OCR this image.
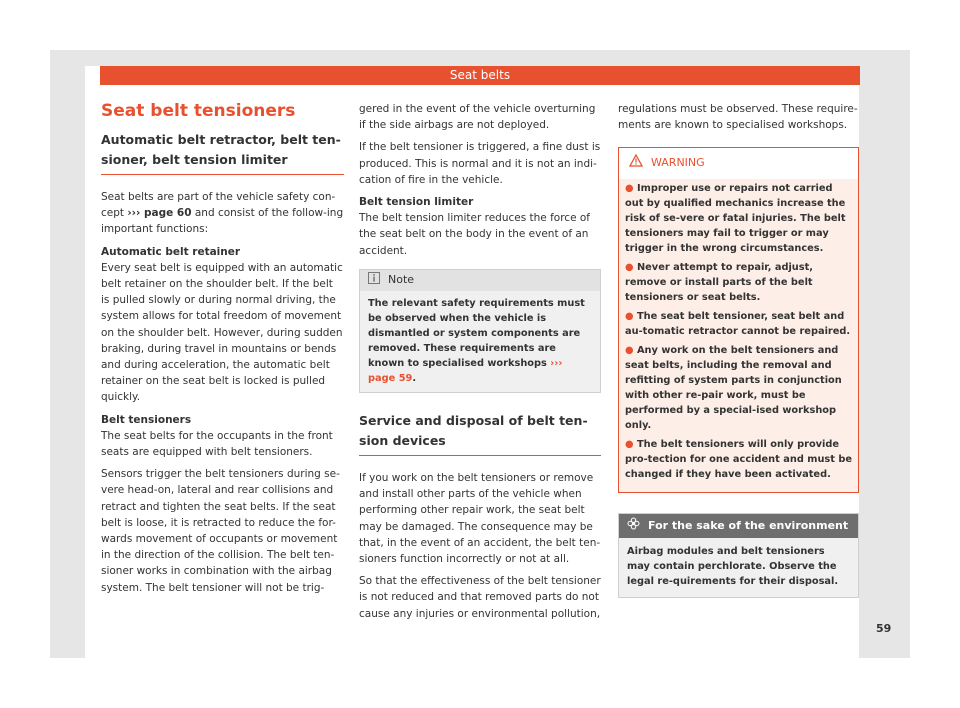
Seat belts
Seat belt tensioners
Automatic belt retractor, belt ten-sioner, belt tension limiter

Seat belts are part of the vehicle safety con-cept ››› page 60 and consist of the follow-ing important functions:

Automatic belt retainer

Every seat belt is equipped with an automatic belt retainer on the shoulder belt. If the belt is pulled slowly or during normal driving, the system allows for total freedom of movement on the shoulder belt. However, during sudden braking, during travel in mountains or bends and during acceleration, the automatic belt retainer on the seat belt is locked is pulled quickly.

Belt tensioners

The seat belts for the occupants in the front seats are equipped with belt tensioners.

Sensors trigger the belt tensioners during se-vere head-on, lateral and rear collisions and retract and tighten the seat belts. If the seat belt is loose, it is retracted to reduce the for-wards movement of occupants or movement in the direction of the collision. The belt ten-sioner works in combination with the airbag system. The belt tensioner will not be trig-

gered in the event of the vehicle overturning if the side airbags are not deployed.

If the belt tensioner is triggered, a fine dust is produced. This is normal and it is not an indi-cation of fire in the vehicle.

Belt tension limiter

The belt tension limiter reduces the force of the seat belt on the body in the event of an accident.

Note
The relevant safety requirements must be observed when the vehicle is dismantled or system components are removed. These requirements are known to specialised workshops ››› page 59.
Service and disposal of belt ten-sion devices

If you work on the belt tensioners or remove and install other parts of the vehicle when performing other repair work, the seat belt may be damaged. The consequence may be that, in the event of an accident, the belt ten-sioners function incorrectly or not at all.

So that the effectiveness of the belt tensioner is not reduced and that removed parts do not cause any injuries or environmental pollution,

regulations must be observed. These require-ments are known to specialised workshops.

WARNING
● Improper use or repairs not carried out by qualified mechanics increase the risk of se-vere or fatal injuries. The belt tensioners may fail to trigger or may trigger in the wrong circumstances.
● Never attempt to repair, adjust, remove or install parts of the belt tensioners or seat belts.
● The seat belt tensioner, seat belt and au-tomatic retractor cannot be repaired.
● Any work on the belt tensioners and seat belts, including the removal and refitting of system parts in conjunction with other re-pair work, must be performed by a special-ised workshop only.
● The belt tensioners will only provide pro-tection for one accident and must be changed if they have been activated.
For the sake of the environment
Airbag modules and belt tensioners may contain perchlorate. Observe the legal re-quirements for their disposal.
59
